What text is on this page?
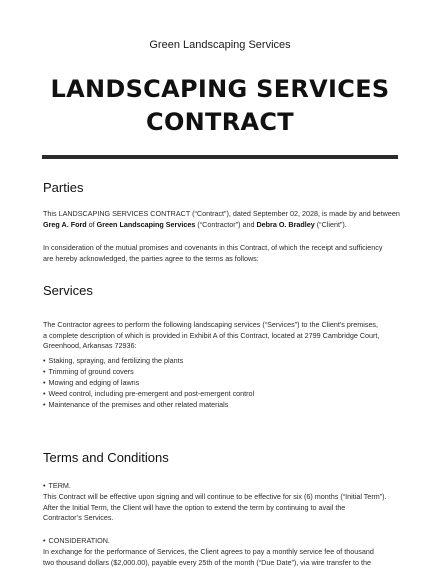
Green Landscaping Services
LANDSCAPING SERVICES
CONTRACT
Parties
This LANDSCAPING SERVICES CONTRACT (“Contract”), dated September 02, 2028, is made by and between
Greg A. Ford of Green Landscaping Services (“Contractor”) and Debra O. Bradley (“Client”).
In consideration of the mutual promises and covenants in this Contract, of which the receipt and sufficiency
are hereby acknowledged, the parties agree to the terms as follows:
Services
The Contractor agrees to perform the following landscaping services (“Services”) to the Client’s premises,
a complete description of which is provided in Exhibit A of this Contract, located at 2799 Cambridge Court,
Greenhood, Arkansas 72936:
• Staking, spraying, and fertilizing the plants
• Trimming of ground covers
• Mowing and edging of lawns
• Weed control, including pre-emergent and post-emergent control
• Maintenance of the premises and other related materials
Terms and Conditions
• TERM.
This Contract will be effective upon signing and will continue to be effective for six (6) months (“Initial Term”).
After the Initial Term, the Client will have the option to extend the term by continuing to avail the
Contractor’s Services.
• CONSIDERATION.
In exchange for the performance of Services, the Client agrees to pay a monthly service fee of thousand
two thousand dollars ($2,000.00), payable every 25th of the month (“Due Date”), via wire transfer to the
